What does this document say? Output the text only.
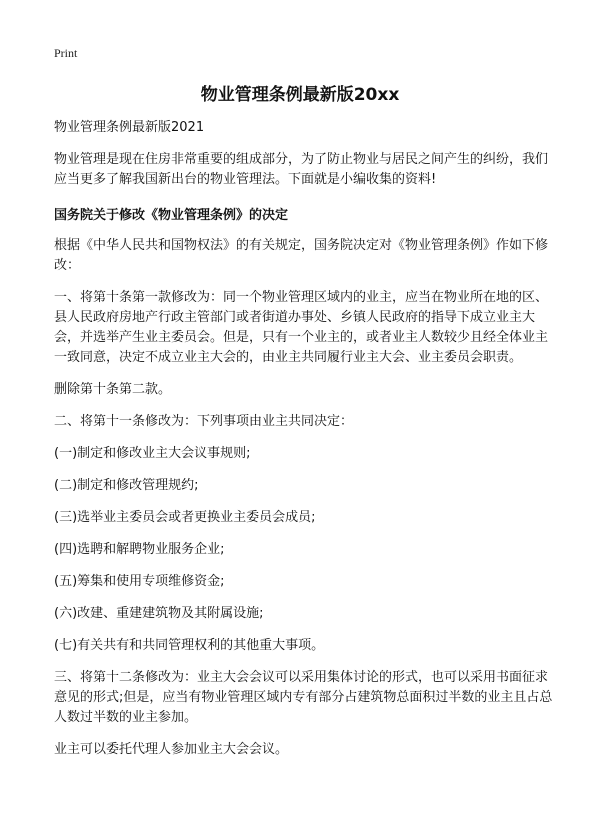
Print
物业管理条例最新版20xx

物业管理条例最新版2021

物业管理是现在住房非常重要的组成部分，为了防止物业与居民之间产生的纠纷，我们应当更多了解我国新出台的物业管理法。下面就是小编收集的资料!

国务院关于修改《物业管理条例》的决定

根据《中华人民共和国物权法》的有关规定，国务院决定对《物业管理条例》作如下修改：

一、将第十条第一款修改为：同一个物业管理区域内的业主，应当在物业所在地的区、县人民政府房地产行政主管部门或者街道办事处、乡镇人民政府的指导下成立业主大会，并选举产生业主委员会。但是，只有一个业主的，或者业主人数较少且经全体业主一致同意，决定不成立业主大会的，由业主共同履行业主大会、业主委员会职责。

删除第十条第二款。

二、将第十一条修改为：下列事项由业主共同决定：

(一)制定和修改业主大会议事规则;

(二)制定和修改管理规约;

(三)选举业主委员会或者更换业主委员会成员;

(四)选聘和解聘物业服务企业;

(五)筹集和使用专项维修资金;

(六)改建、重建建筑物及其附属设施;

(七)有关共有和共同管理权利的其他重大事项。

三、将第十二条修改为：业主大会会议可以采用集体讨论的形式，也可以采用书面征求意见的形式;但是，应当有物业管理区域内专有部分占建筑物总面积过半数的业主且占总人数过半数的业主参加。

业主可以委托代理人参加业主大会会议。
